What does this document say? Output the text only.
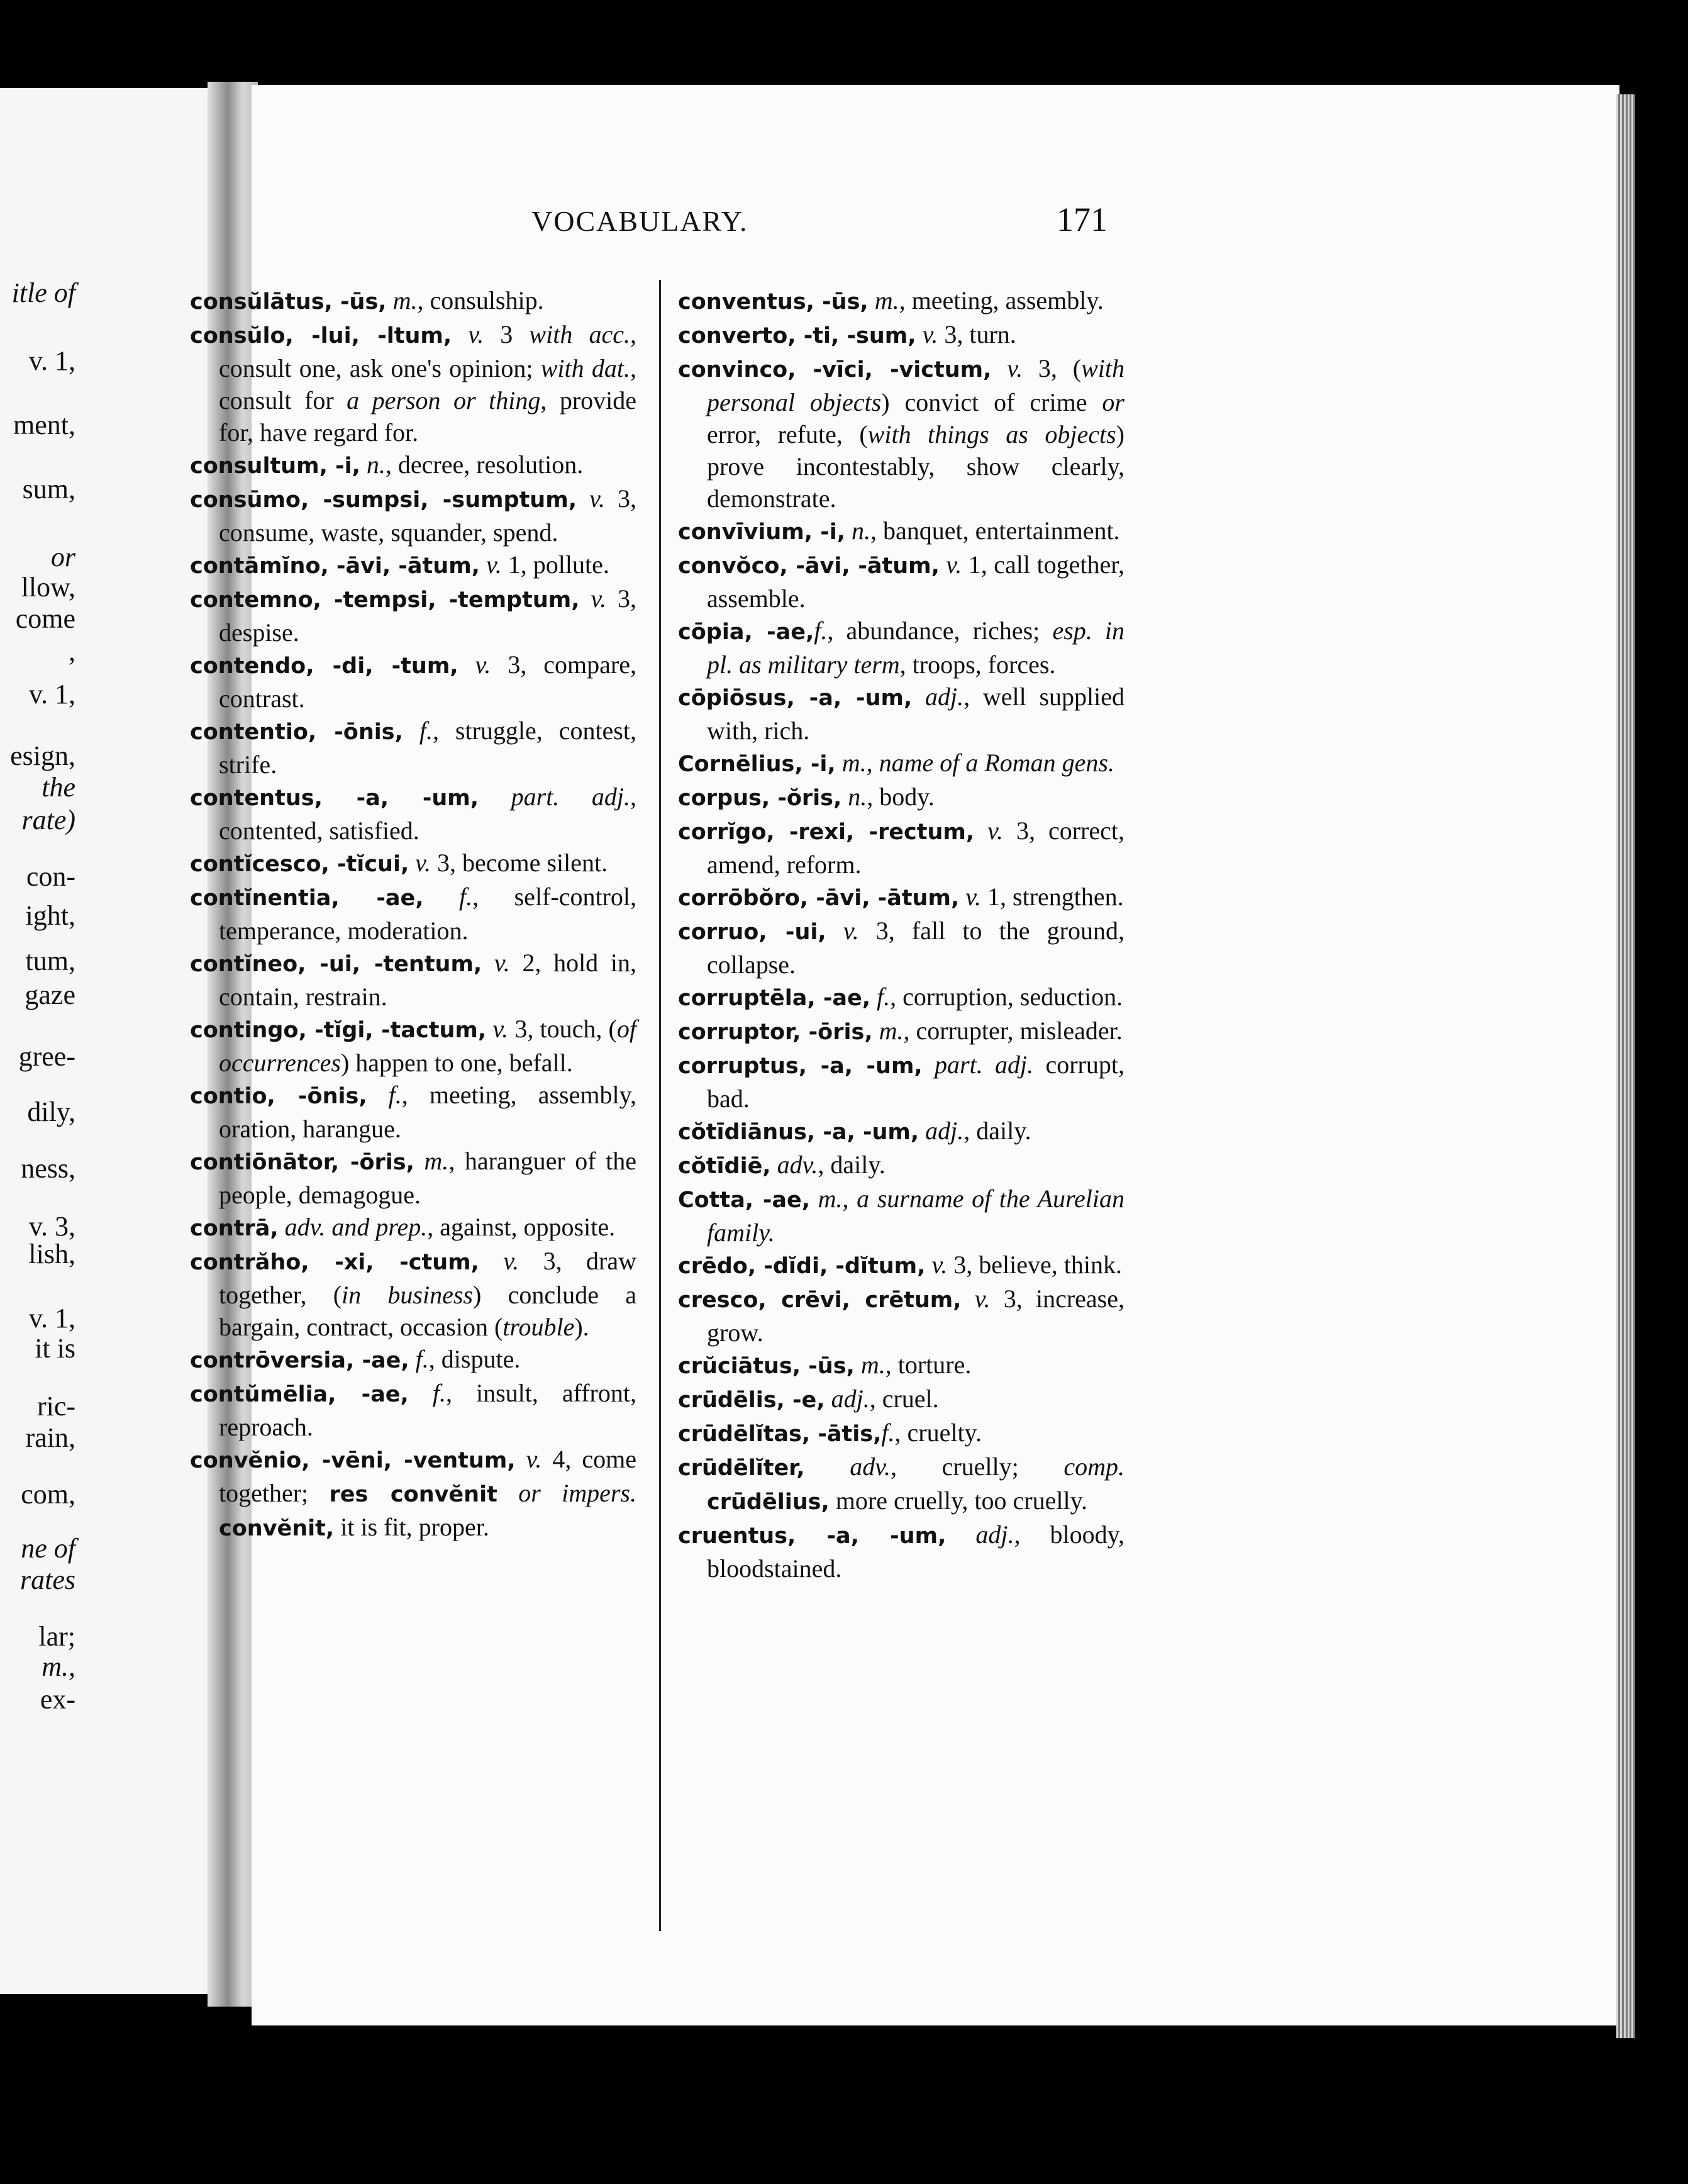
itle of
v. 1,
ment,
sum,
or
llow,
come
,
v. 1,
esign,
the
rate)
con-
ight,
tum,
gaze
gree-
dily,
ness,
v. 3,
lish,
v. 1,
it is
ric-
rain,
com,
ne of
rates
lar;
m.,
ex-
VOCABULARY.	171
consŭlātus, -ūs, m., consulship.
consŭlo, -lui, -ltum, v. 3 with acc., consult one, ask one's opinion; with dat., consult for a person or thing, provide for, have regard for.
consultum, -i, n., decree, resolution.
consūmo, -sumpsi, -sumptum, v. 3, consume, waste, squander, spend.
contāmĭno, -āvi, -ātum, v. 1, pollute.
contemno, -tempsi, -temptum, v. 3, despise.
contendo, -di, -tum, v. 3, compare, contrast.
contentio, -ōnis, f., struggle, contest, strife.
contentus, -a, -um, part. adj., contented, satisfied.
contĭcesco, -tĭcui, v. 3, become silent.
contĭnentia, -ae, f., self-control, temperance, moderation.
contĭneo, -ui, -tentum, v. 2, hold in, contain, restrain.
contingo, -tĭgi, -tactum, v. 3, touch, (of occurrences) happen to one, befall.
contio, -ōnis, f., meeting, assembly, oration, harangue.
contiōnātor, -ōris, m., haranguer of the people, demagogue.
contrā, adv. and prep., against, opposite.
contrăho, -xi, -ctum, v. 3, draw together, (in business) conclude a bargain, contract, occasion (trouble).
contrōversia, -ae, f., dispute.
contŭmēlia, -ae, f., insult, affront, reproach.
convĕnio, -vēni, -ventum, v. 4, come together; res convĕnit or impers. convĕnit, it is fit, proper.
conventus, -ūs, m., meeting, assembly.
converto, -ti, -sum, v. 3, turn.
convinco, -vīci, -victum, v. 3, (with personal objects) convict of crime or error, refute, (with things as objects) prove incontestably, show clearly, demonstrate.
convīvium, -i, n., banquet, entertainment.
convŏco, -āvi, -ātum, v. 1, call together, assemble.
cōpia, -ae,f., abundance, riches; esp. in pl. as military term, troops, forces.
cōpiōsus, -a, -um, adj., well supplied with, rich.
Cornēlius, -i, m., name of a Roman gens.
corpus, -ŏris, n., body.
corrĭgo, -rexi, -rectum, v. 3, correct, amend, reform.
corrōbŏro, -āvi, -ātum, v. 1, strengthen.
corruo, -ui, v. 3, fall to the ground, collapse.
corruptēla, -ae, f., corruption, seduction.
corruptor, -ōris, m., corrupter, misleader.
corruptus, -a, -um, part. adj. corrupt, bad.
cŏtīdiānus, -a, -um, adj., daily.
cŏtīdiē, adv., daily.
Cotta, -ae, m., a surname of the Aurelian family.
crēdo, -dĭdi, -dĭtum, v. 3, believe, think.
cresco, crēvi, crētum, v. 3, increase, grow.
crŭciātus, -ūs, m., torture.
crūdēlis, -e, adj., cruel.
crūdēlĭtas, -ātis,f., cruelty.
crūdēlĭter, adv., cruelly; comp. crūdēlius, more cruelly, too cruelly.
cruentus, -a, -um, adj., bloody, bloodstained.
